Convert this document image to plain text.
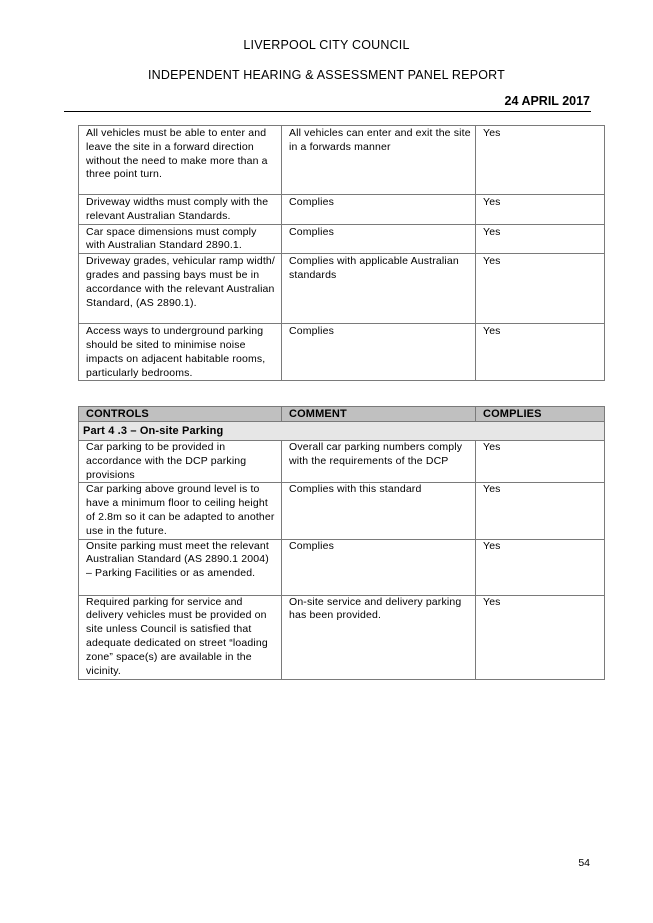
LIVERPOOL CITY COUNCIL
INDEPENDENT HEARING & ASSESSMENT PANEL REPORT
24 APRIL 2017
All vehicles must be able to enter and leave the site in a forward direction without the need to make more than a three point turn.	All vehicles can enter and exit the site in a forwards manner	Yes
Driveway widths must comply with the relevant Australian Standards.	Complies	Yes
Car space dimensions must comply with Australian Standard 2890.1.	Complies	Yes
Driveway grades, vehicular ramp width/ grades and passing bays must be in accordance with the relevant Australian Standard, (AS 2890.1).	Complies with applicable Australian standards	Yes
Access ways to underground parking should be sited to minimise noise impacts on adjacent habitable rooms, particularly bedrooms.	Complies	Yes
CONTROLS	COMMENT	COMPLIES
Part 4 .3 – On-site Parking		
Car parking to be provided in accordance with the DCP parking provisions	Overall car parking numbers comply with the requirements of the DCP	Yes
Car parking above ground level is to have a minimum floor to ceiling height of 2.8m so it can be adapted to another use in the future.	Complies with this standard	Yes
Onsite parking must meet the relevant Australian Standard (AS 2890.1 2004) – Parking Facilities or as amended.	Complies	Yes
Required parking for service and delivery vehicles must be provided on site unless Council is satisfied that adequate dedicated on street “loading zone” space(s) are available in the vicinity.	On-site service and delivery parking has been provided.	Yes
54
